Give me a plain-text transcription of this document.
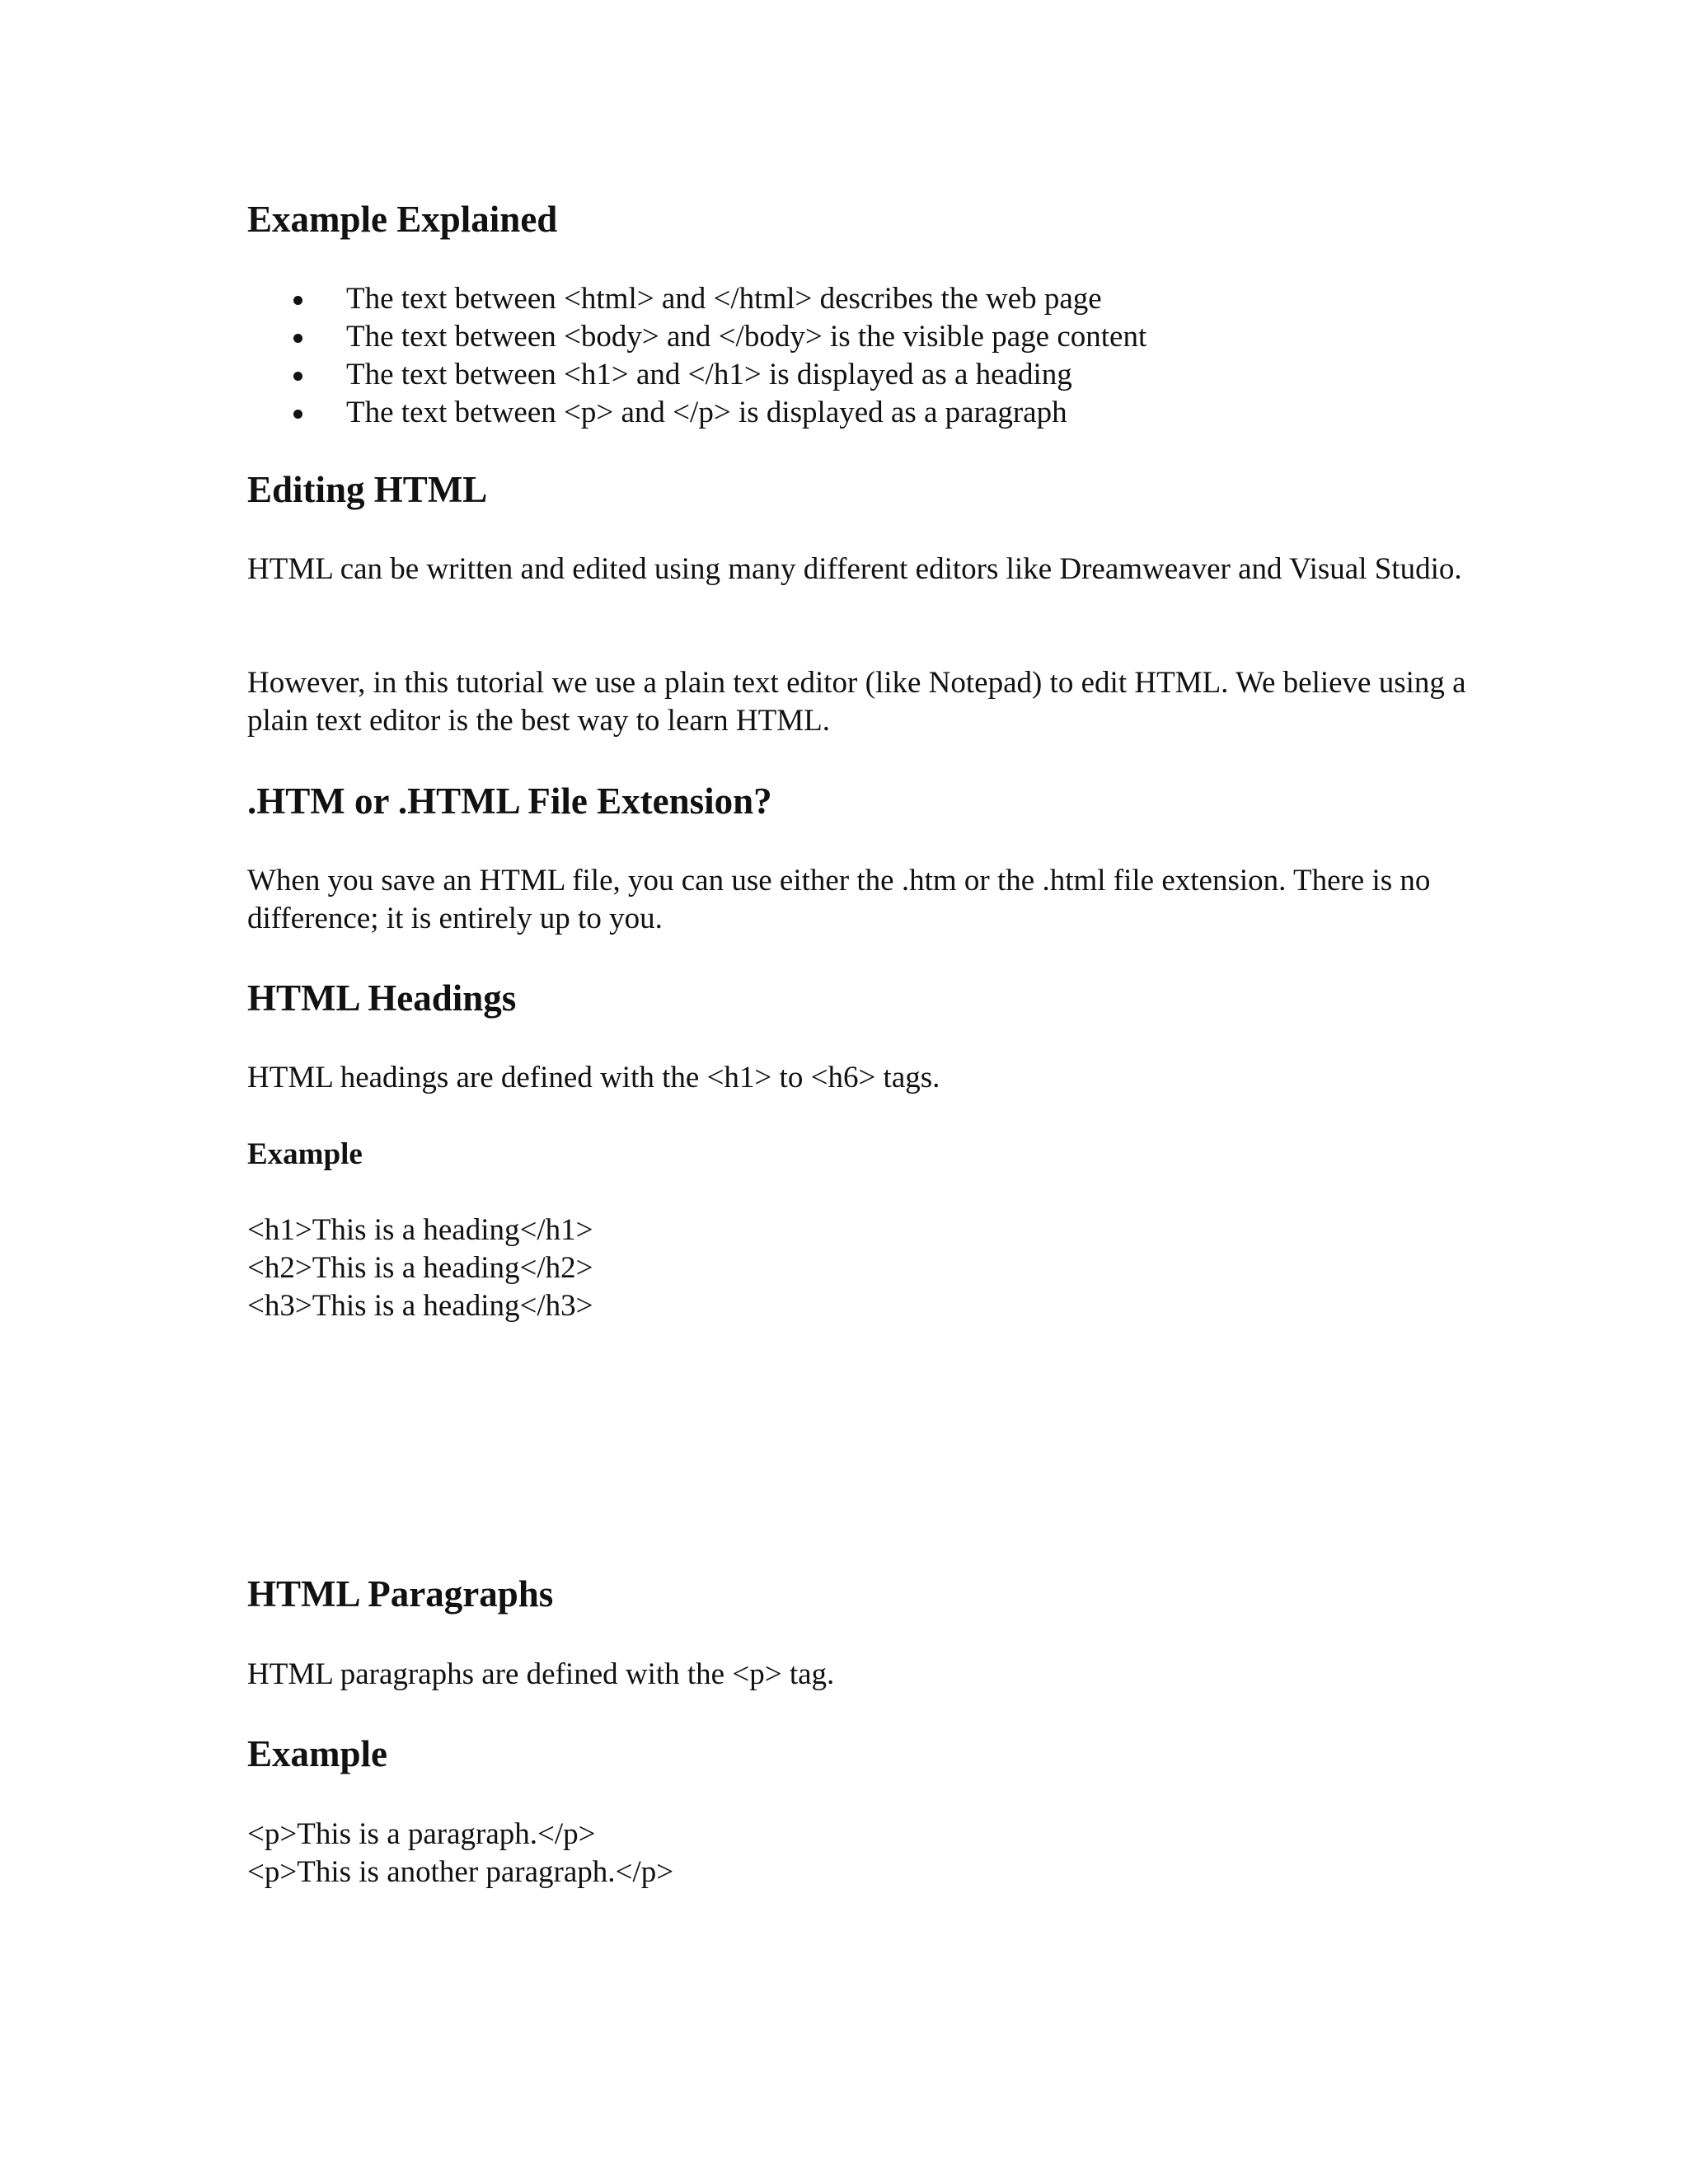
Example Explained
The text between <html> and </html> describes the web page
The text between <body> and </body> is the visible page content
The text between <h1> and </h1> is displayed as a heading
The text between <p> and </p> is displayed as a paragraph
Editing HTML

HTML can be written and edited using many different editors like Dreamweaver and Visual Studio.

However, in this tutorial we use a plain text editor (like Notepad) to edit HTML. We believe using a plain text editor is the best way to learn HTML.

.HTM or .HTML File Extension?

When you save an HTML file, you can use either the .htm or the .html file extension. There is no difference; it is entirely up to you.

HTML Headings

HTML headings are defined with the <h1> to <h6> tags.

Example
<h1>This is a heading</h1>
<h2>This is a heading</h2>
<h3>This is a heading</h3>
HTML Paragraphs

HTML paragraphs are defined with the <p> tag.

Example
<p>This is a paragraph.</p>
<p>This is another paragraph.</p>
